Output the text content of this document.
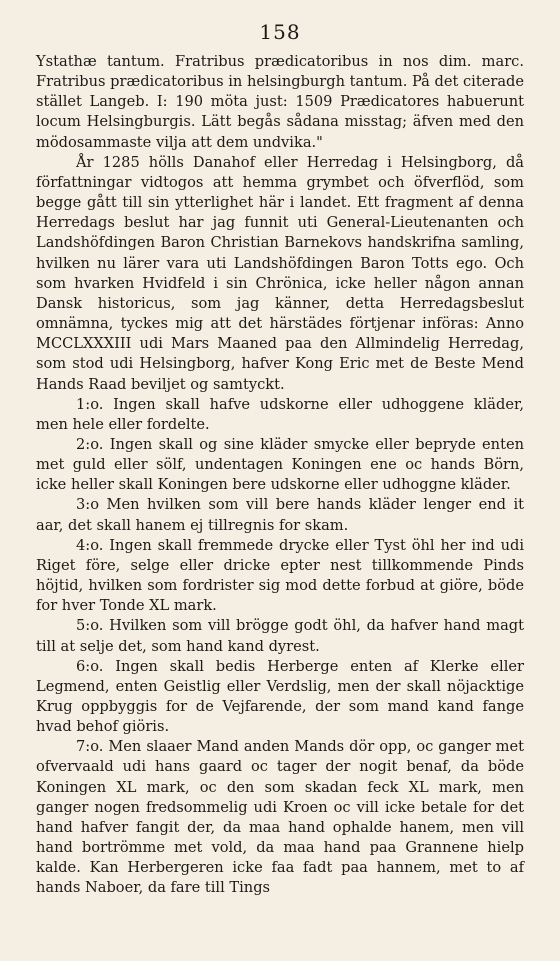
158

Ystathæ tantum. Fratribus prædicatoribus in nos dim. marc. Fratribus prædicatoribus in helsingburgh tantum. På det citerade stället Langeb. I: 190 möta just: 1509 Prædicatores habuerunt locum Helsingburgis. Lätt begås sådana misstag; äfven med den mödosammaste vilja att dem undvika."

År 1285 hölls Danahof eller Herredag i Helsingborg, då författningar vidtogos att hemma grymbet och öfverflöd, som begge gått till sin ytterlighet här i landet. Ett fragment af denna Herredags beslut har jag funnit uti General-Lieutenanten och Landshöfdingen Baron Christian Barnekovs handskrifna samling, hvilken nu lärer vara uti Landshöfdingen Baron Totts ego. Och som hvarken Hvidfeld i sin Chrönica, icke heller någon annan Dansk historicus, som jag känner, detta Herredagsbeslut omnämna, tyckes mig att det härstädes förtjenar införas: Anno MCCLXXXIII udi Mars Maaned paa den Allmindelig Herredag, som stod udi Helsingborg, hafver Kong Eric met de Beste Mend Hands Raad beviljet og samtyckt.

1:o. Ingen skall hafve udskorne eller udhoggene kläder, men hele eller fordelte.

2:o. Ingen skall og sine kläder smycke eller bepryde enten met guld eller sölf, undentagen Koningen ene oc hands Börn, icke heller skall Koningen bere udskorne eller udhoggne kläder.

3:o Men hvilken som vill bere hands kläder lenger end it aar, det skall hanem ej tillregnis for skam.

4:o. Ingen skall fremmede drycke eller Tyst öhl her ind udi Riget före, selge eller dricke epter nest tillkommende Pinds höjtid, hvilken som fordrister sig mod dette forbud at giöre, böde for hver Tonde XL mark.

5:o. Hvilken som vill brögge godt öhl, da hafver hand magt till at selje det, som hand kand dyrest.

6:o. Ingen skall bedis Herberge enten af Klerke eller Legmend, enten Geistlig eller Verdslig, men der skall nöjacktige Krug oppbyggis for de Vejfarende, der som mand kand fange hvad behof giöris.

7:o. Men slaaer Mand anden Mands dör opp, oc ganger met ofvervaald udi hans gaard oc tager der nogit benaf, da böde Koningen XL mark, oc den som skadan feck XL mark, men ganger nogen fredsommelig udi Kroen oc vill icke betale for det hand hafver fangit der, da maa hand ophalde hanem, men vill hand bortrömme met vold, da maa hand paa Grannene hielp kalde. Kan Herbergeren icke faa fadt paa hannem, met to af hands Naboer, da fare till Tings
